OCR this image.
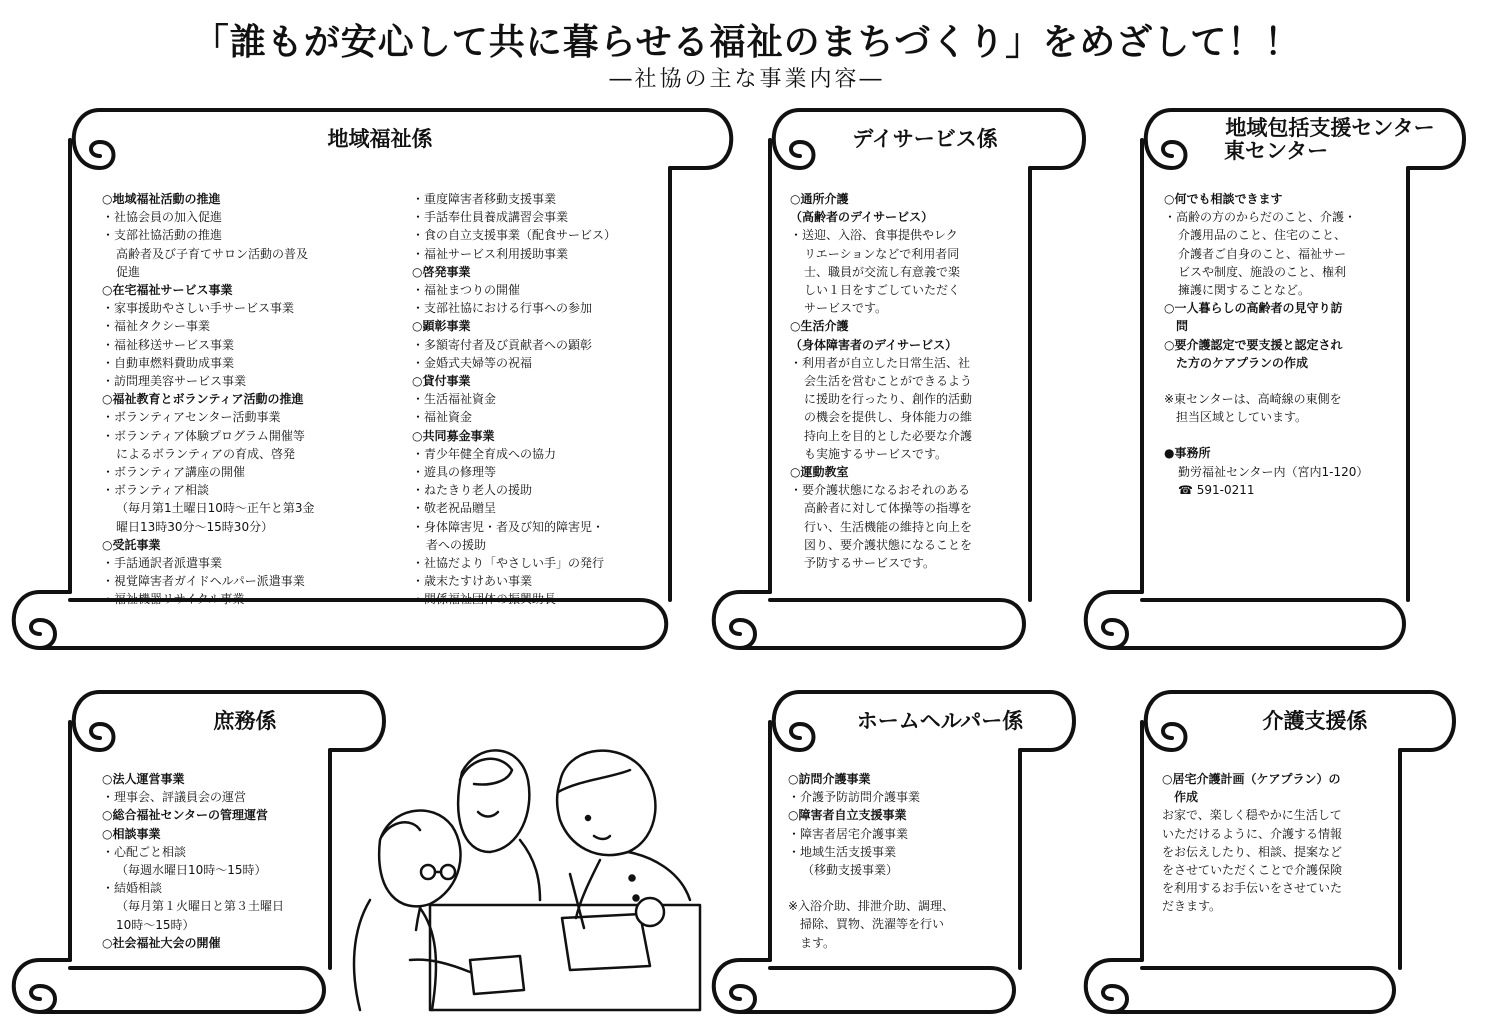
「誰もが安心して共に暮らせる福祉のまちづくり」をめざして！！
―社協の主な事業内容―
地域福祉係	デイサービス係	地域包括支援センター
東センター
庶務係	ホームヘルパー係	介護支援係
○地域福祉活動の推進
・社協会員の加入促進
・支部社協活動の推進
高齢者及び子育てサロン活動の普及
促進
○在宅福祉サービス事業
・家事援助やさしい手サービス事業
・福祉タクシー事業
・福祉移送サービス事業
・自動車燃料費助成事業
・訪問理美容サービス事業
○福祉教育とボランティア活動の推進
・ボランティアセンター活動事業
・ボランティア体験プログラム開催等
によるボランティアの育成、啓発
・ボランティア講座の開催
・ボランティア相談
（毎月第1土曜日10時～正午と第3金
曜日13時30分～15時30分）
○受託事業
・手話通訳者派遣事業
・視覚障害者ガイドヘルパー派遣事業
・福祉機器リサイクル事業
・重度障害者移動支援事業
・手話奉仕員養成講習会事業
・食の自立支援事業（配食サービス）
・福祉サービス利用援助事業
○啓発事業
・福祉まつりの開催
・支部社協における行事への参加
○顕彰事業
・多額寄付者及び貢献者への顕彰
・金婚式夫婦等の祝福
○貸付事業
・生活福祉資金
・福祉資金
○共同募金事業
・青少年健全育成への協力
・遊具の修理等
・ねたきり老人の援助
・敬老祝品贈呈
・身体障害児・者及び知的障害児・
者への援助
・社協だより「やさしい手」の発行
・歳末たすけあい事業
・関係福祉団体の振興助長
○通所介護
（高齢者のデイサービス）
・送迎、入浴、食事提供やレク
リエーションなどで利用者同
士、職員が交流し有意義で楽
しい１日をすごしていただく
サービスです。
○生活介護
（身体障害者のデイサービス）
・利用者が自立した日常生活、社
会生活を営むことができるよう
に援助を行ったり、創作的活動
の機会を提供し、身体能力の維
持向上を目的とした必要な介護
も実施するサービスです。
○運動教室
・要介護状態になるおそれのある
高齢者に対して体操等の指導を
行い、生活機能の維持と向上を
図り、要介護状態になることを
予防するサービスです。
○何でも相談できます
・高齢の方のからだのこと、介護・
介護用品のこと、住宅のこと、
介護者ご自身のこと、福祉サー
ビスや制度、施設のこと、権利
擁護に関することなど。
○一人暮らしの高齢者の見守り訪
　問
○要介護認定で要支援と認定され
　た方のケアプランの作成
※東センターは、高崎線の東側を
　担当区域としています。
●事務所
勤労福祉センター内（宮内1-120）
☎ 591-0211
○法人運営事業
・理事会、評議員会の運営
○総合福祉センターの管理運営
○相談事業
・心配ごと相談
（毎週水曜日10時～15時）
・結婚相談
（毎月第１火曜日と第３土曜日
10時～15時）
○社会福祉大会の開催
○訪問介護事業
・介護予防訪問介護事業
○障害者自立支援事業
・障害者居宅介護事業
・地域生活支援事業
（移動支援事業）
※入浴介助、排泄介助、調理、
　掃除、買物、洗濯等を行い
　ます。
○居宅介護計画（ケアプラン）の
　作成
お家で、楽しく穏やかに生活して
いただけるように、介護する情報
をお伝えしたり、相談、提案など
をさせていただくことで介護保険
を利用するお手伝いをさせていた
だきます。
